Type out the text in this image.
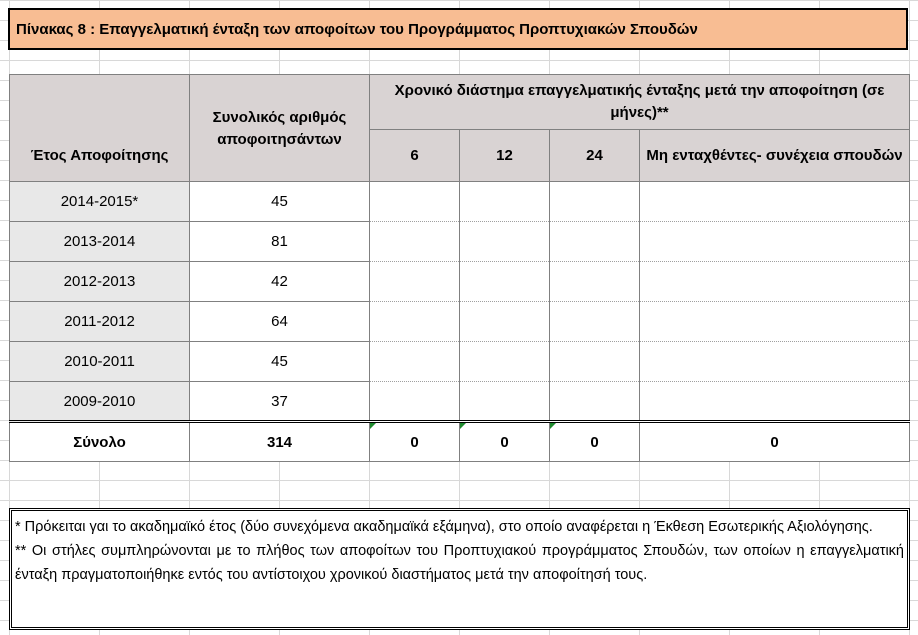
Πίνακας 8 : Επαγγελματική ένταξη των αποφοίτων του Προγράμματος Προπτυχιακών Σπουδών
Έτος Αποφοίτησης	Συνολικός αριθμός αποφοιτησάντων	Χρονικό διάστημα επαγγελματικής ένταξης μετά την αποφοίτηση (σε μήνες)**			
		6	12	24	Μη ενταχθέντες- συνέχεια σπουδών
2014-2015*	45				
2013-2014	81				
2012-2013	42				
2011-2012	64				
2010-2011	45				
2009-2010	37				
Σύνολο	314	0	0	0	0

* Πρόκειται γαι το ακαδημαϊκό έτος (δύο συνεχόμενα ακαδημαϊκά εξάμηνα), στο οποίο αναφέρεται η Έκθεση Εσωτερικής Αξιολόγησης.

** Οι στήλες συμπληρώνονται με το πλήθος των αποφοίτων του Προπτυχιακού προγράμματος Σπουδών, των οποίων η επαγγελματική ένταξη πραγματοποιήθηκε εντός του αντίστοιχου χρονικού διαστήματος μετά την αποφοίτησή τους.
